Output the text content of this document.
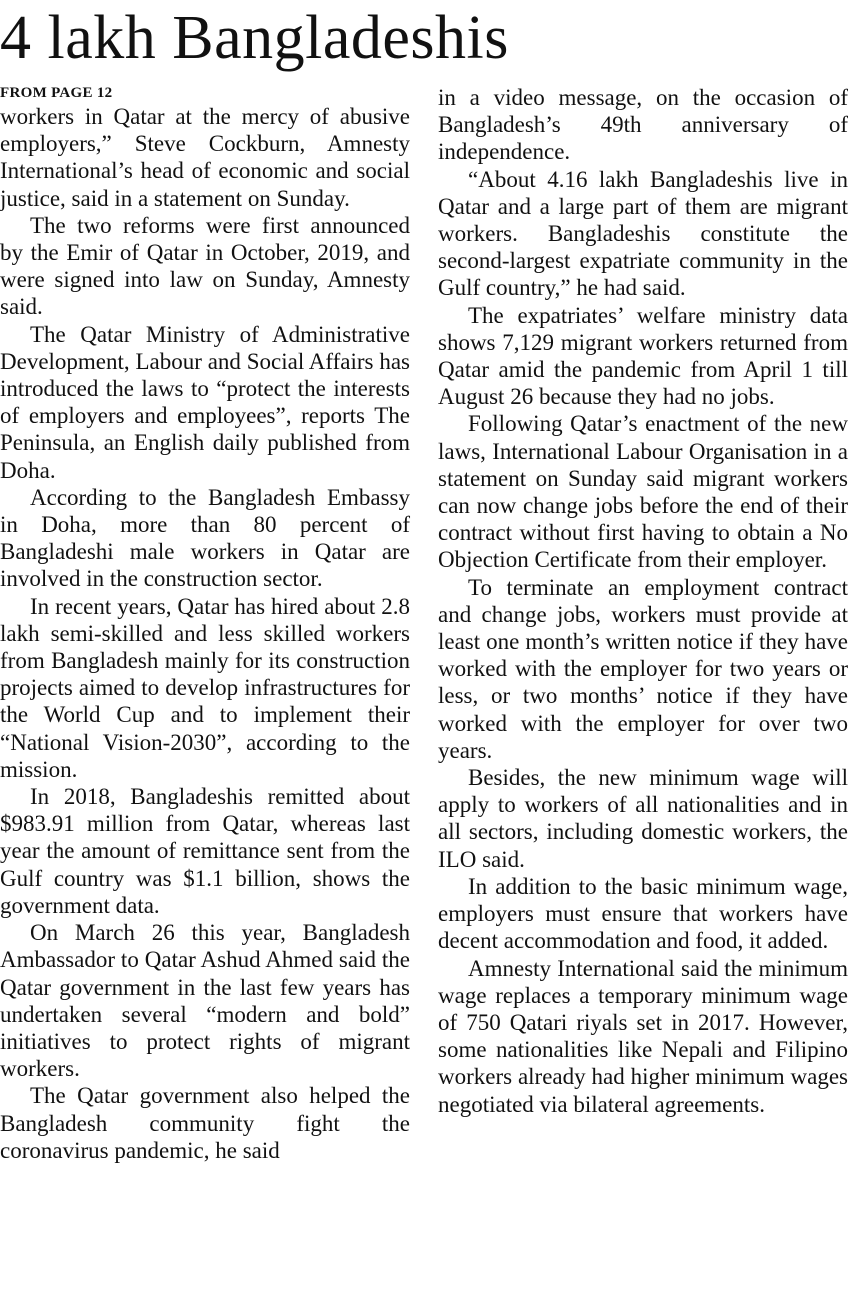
4 lakh Bangladeshis

FROM PAGE 12

workers in Qatar at the mercy of abusive employers,” Steve Cockburn, Amnesty International’s head of economic and social justice, said in a statement on Sunday.

The two reforms were first announced by the Emir of Qatar in October, 2019, and were signed into law on Sunday, Amnesty said.

The Qatar Ministry of Administrative Development, Labour and Social Affairs has introduced the laws to “protect the interests of employers and employees”, reports The Peninsula, an English daily published from Doha.

According to the Bangladesh Embassy in Doha, more than 80 percent of Bangladeshi male workers in Qatar are involved in the construction sector.

In recent years, Qatar has hired about 2.8 lakh semi-skilled and less skilled workers from Bangladesh mainly for its construction projects aimed to develop infrastructures for the World Cup and to implement their “National Vision-2030”, according to the mission.

In 2018, Bangladeshis remitted about $983.91 million from Qatar, whereas last year the amount of remittance sent from the Gulf country was $1.1 billion, shows the government data.

On March 26 this year, Bangladesh Ambassador to Qatar Ashud Ahmed said the Qatar government in the last few years has undertaken several “modern and bold” initiatives to protect rights of migrant workers.

The Qatar government also helped the Bangladesh community fight the coronavirus pandemic, he said

in a video message, on the occasion of Bangladesh’s 49th anniversary of independence.

“About 4.16 lakh Bangladeshis live in Qatar and a large part of them are migrant workers. Bangladeshis constitute the second-largest expatriate community in the Gulf country,” he had said.

The expatriates’ welfare ministry data shows 7,129 migrant workers returned from Qatar amid the pandemic from April 1 till August 26 because they had no jobs.

Following Qatar’s enactment of the new laws, International Labour Organisation in a statement on Sunday said migrant workers can now change jobs before the end of their contract without first having to obtain a No Objection Certificate from their employer.

To terminate an employment contract and change jobs, workers must provide at least one month’s written notice if they have worked with the employer for two years or less, or two months’ notice if they have worked with the employer for over two years.

Besides, the new minimum wage will apply to workers of all nationalities and in all sectors, including domestic workers, the ILO said.

In addition to the basic minimum wage, employers must ensure that workers have decent accommodation and food, it added.

Amnesty International said the minimum wage replaces a temporary minimum wage of 750 Qatari riyals set in 2017. However, some nationalities like Nepali and Filipino workers already had higher minimum wages negotiated via bilateral agreements.
